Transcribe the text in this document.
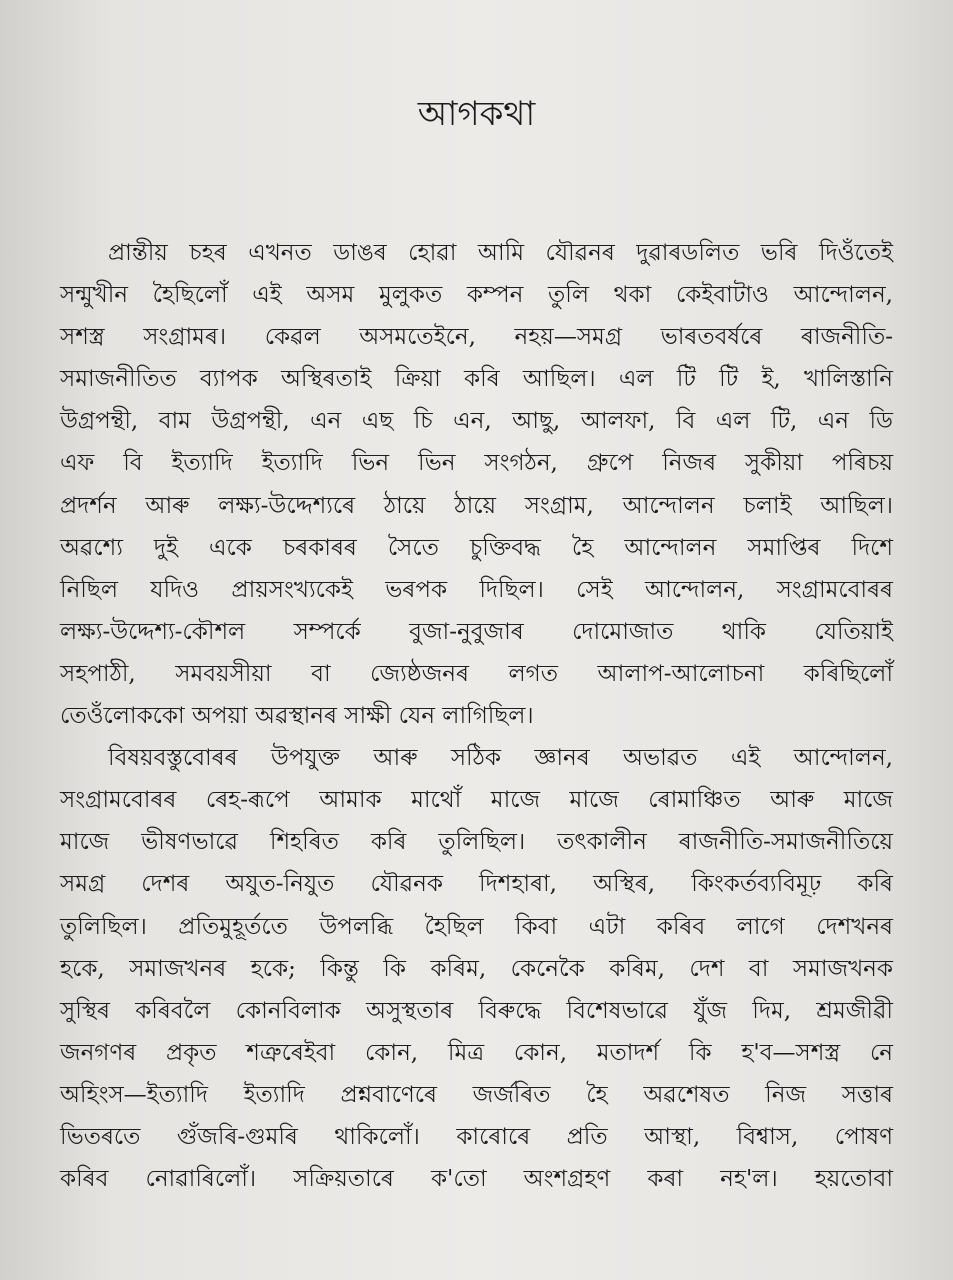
আগকথা

প্ৰান্তীয় চহৰ এখনত ডাঙৰ হোৱা আমি যৌৱনৰ দুৱাৰডলিত ভৰি দিওঁতেই

সন্মুখীন হৈছিলোঁ এই অসম মুলুকত কম্পন তুলি থকা কেইবাটাও আন্দোলন,

সশস্ত্ৰ সংগ্ৰামৰ। কেৱল অসমতেইনে, নহয়—সমগ্ৰ ভাৰতবৰ্ষৰে ৰাজনীতি-

সমাজনীতিত ব্যাপক অস্থিৰতাই ক্ৰিয়া কৰি আছিল। এল টি টি ই, খালিস্তানি

উগ্ৰপন্থী, বাম উগ্ৰপন্থী, এন এছ চি এন, আছু, আলফা, বি এল টি, এন ডি

এফ বি ইত্যাদি ইত্যাদি ভিন ভিন সংগঠন, গ্ৰুপে নিজৰ সুকীয়া পৰিচয়

প্ৰদৰ্শন আৰু লক্ষ্য-উদ্দেশ্যৰে ঠায়ে ঠায়ে সংগ্ৰাম, আন্দোলন চলাই আছিল।

অৱশ্যে দুই একে চৰকাৰৰ সৈতে চুক্তিবদ্ধ হৈ আন্দোলন সমাপ্তিৰ দিশে

নিছিল যদিও প্ৰায়সংখ্যকেই ভৰপক দিছিল। সেই আন্দোলন, সংগ্ৰামবোৰৰ

লক্ষ্য-উদ্দেশ্য-কৌশল সম্পৰ্কে বুজা-নুবুজাৰ দোমোজাত থাকি যেতিয়াই

সহপাঠী, সমবয়সীয়া বা জ্যেষ্ঠজনৰ লগত আলাপ-আলোচনা কৰিছিলোঁ

তেওঁলোককো অপয়া অৱস্থানৰ সাক্ষী যেন লাগিছিল।

বিষয়বস্তুবোৰৰ উপযুক্ত আৰু সঠিক জ্ঞানৰ অভাৱত এই আন্দোলন,

সংগ্ৰামবোৰৰ ৰেহ-ৰূপে আমাক মাথোঁ মাজে মাজে ৰোমাঞ্চিত আৰু মাজে

মাজে ভীষণভাৱে শিহৰিত কৰি তুলিছিল। তৎকালীন ৰাজনীতি-সমাজনীতিয়ে

সমগ্ৰ দেশৰ অযুত-নিযুত যৌৱনক দিশহাৰা, অস্থিৰ, কিংকৰ্তব্যবিমূঢ় কৰি

তুলিছিল। প্ৰতিমুহূৰ্ততে উপলব্ধি হৈছিল কিবা এটা কৰিব লাগে দেশখনৰ

হকে, সমাজখনৰ হকে; কিন্তু কি কৰিম, কেনেকৈ কৰিম, দেশ বা সমাজখনক

সুস্থিৰ কৰিবলৈ কোনবিলাক অসুস্থতাৰ বিৰুদ্ধে বিশেষভাৱে যুঁজ দিম, শ্ৰমজীৱী

জনগণৰ প্ৰকৃত শত্ৰুৰেইবা কোন, মিত্ৰ কোন, মতাদৰ্শ কি হ'ব—সশস্ত্ৰ নে

অহিংস—ইত্যাদি ইত্যাদি প্ৰশ্নবাণেৰে জৰ্জৰিত হৈ অৱশেষত নিজ সত্তাৰ

ভিতৰতে গুঁজৰি-গুমৰি থাকিলোঁ। কাৰোৰে প্ৰতি আস্থা, বিশ্বাস, পোষণ

কৰিব নোৱাৰিলোঁ। সক্ৰিয়তাৰে ক'তো অংশগ্ৰহণ কৰা নহ'ল। হয়তোবা
